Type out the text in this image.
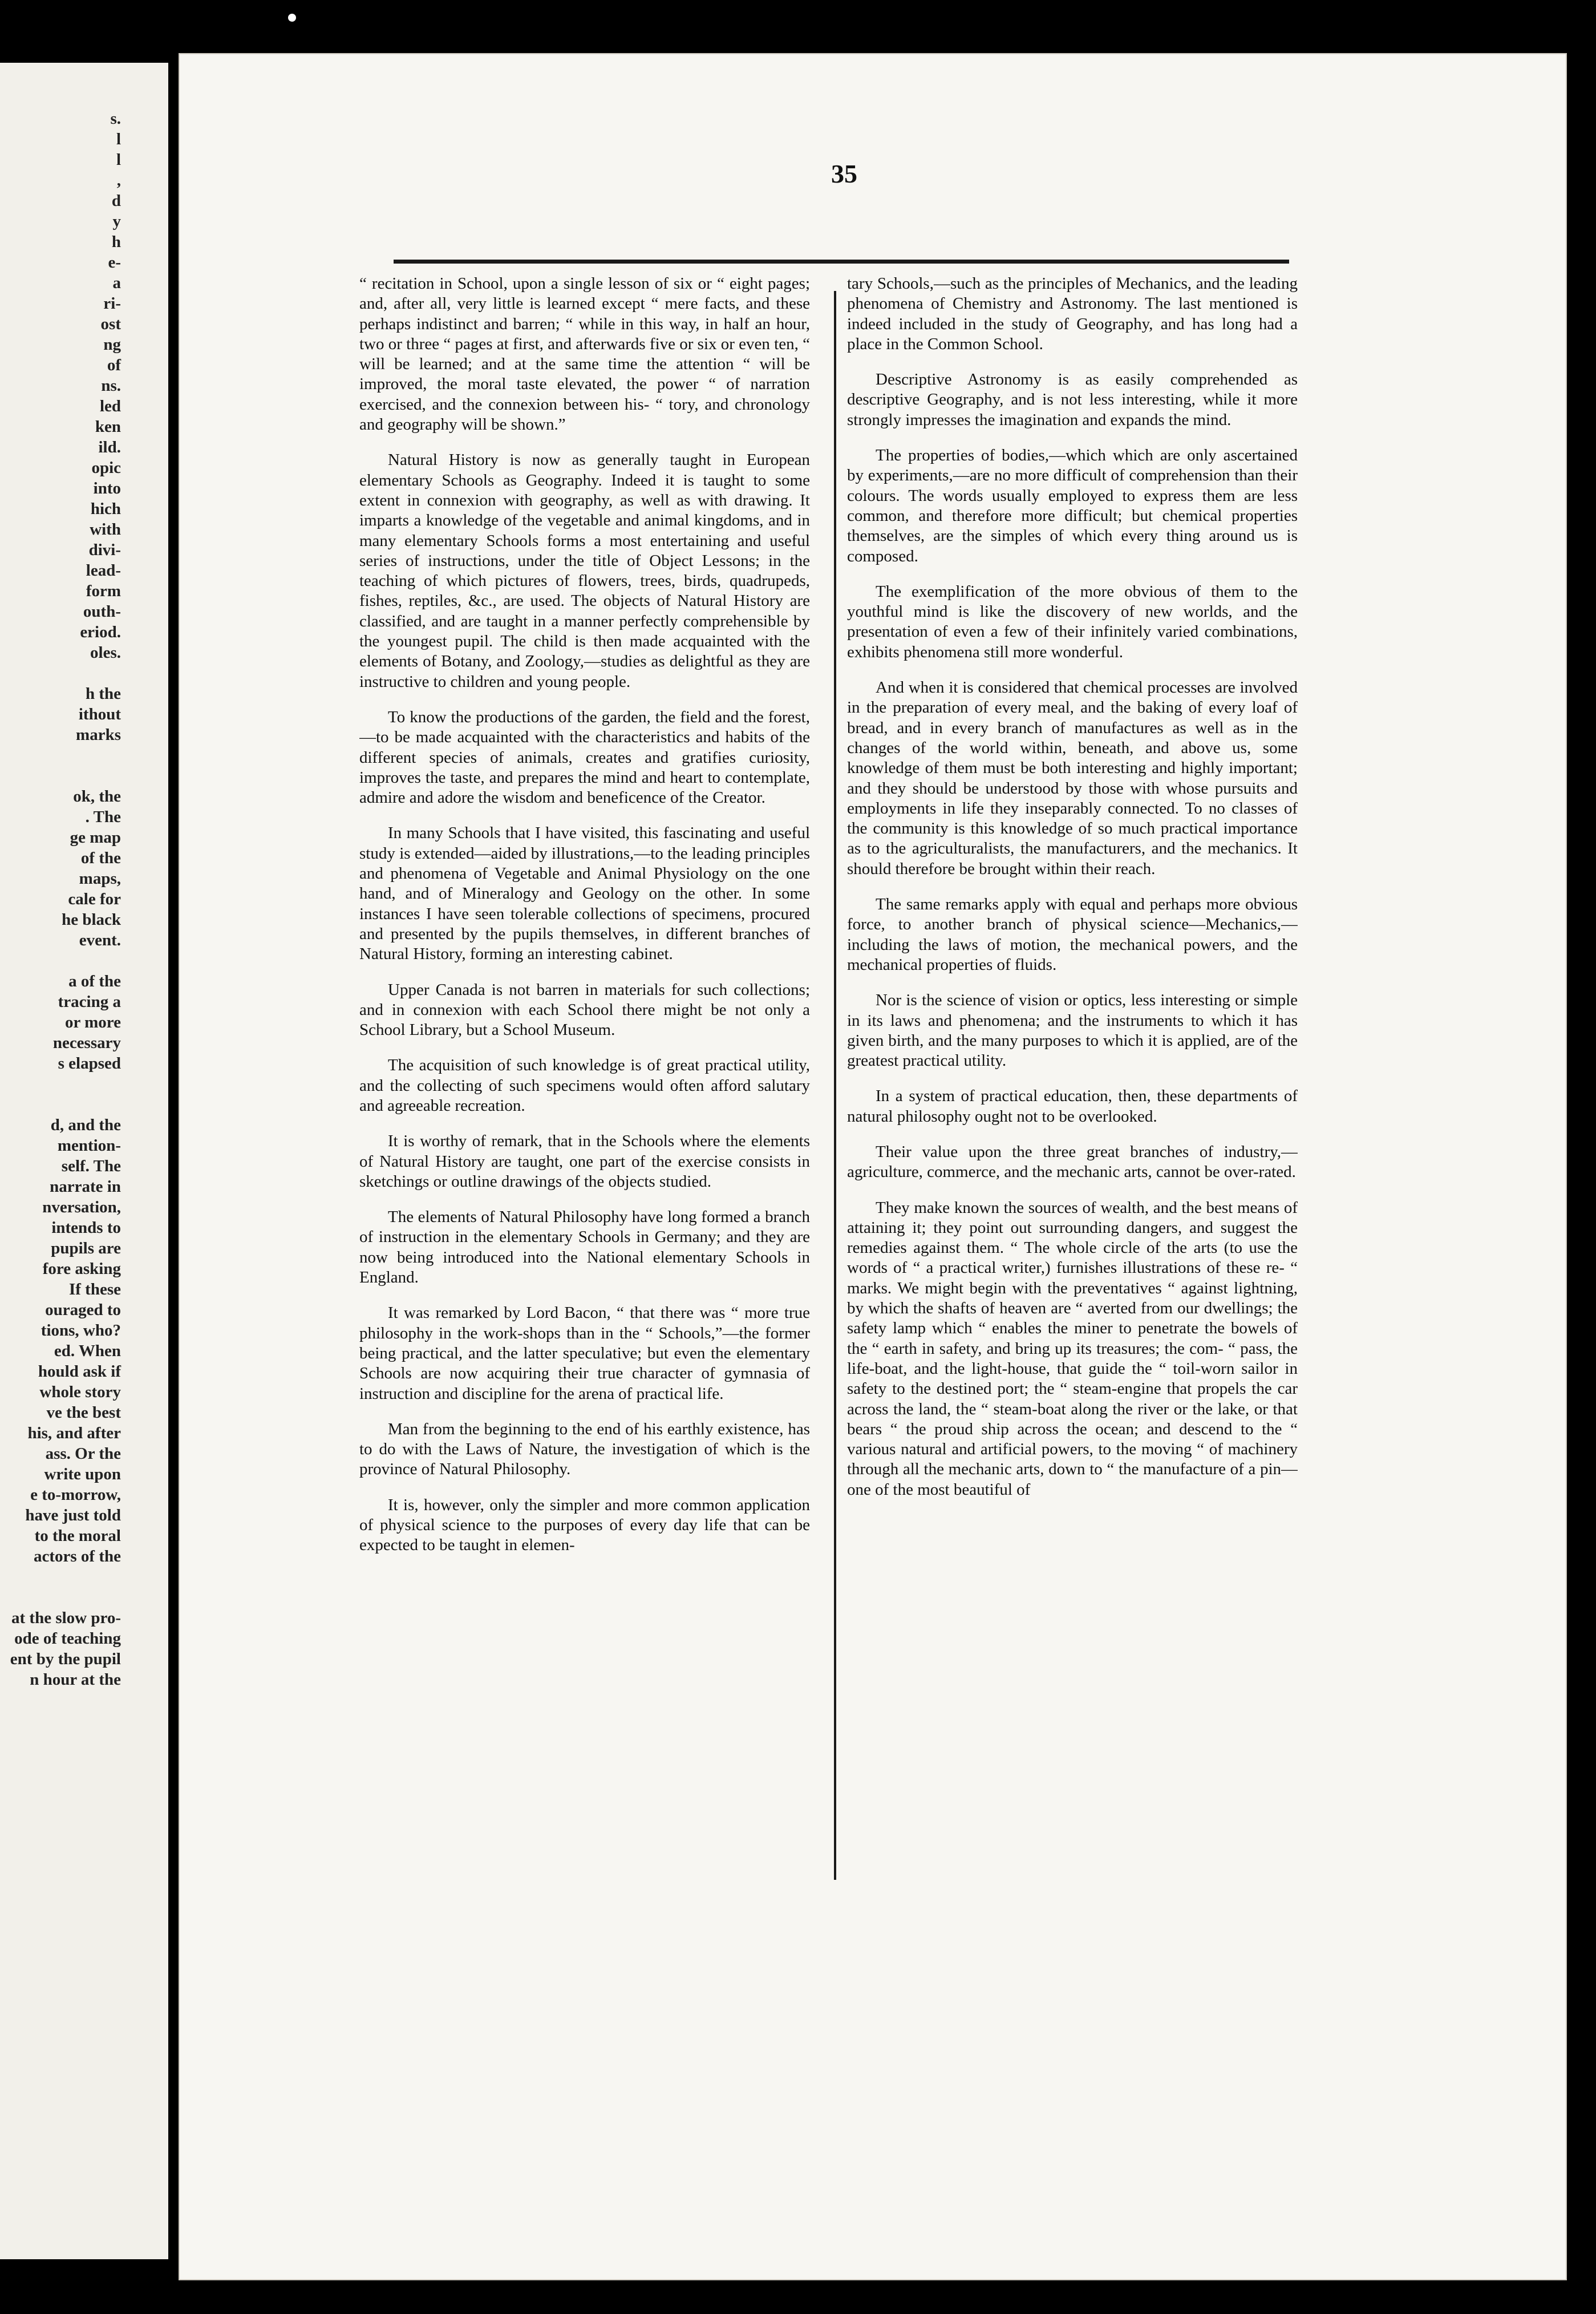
s.
l
l
,
d
y
h
e-
a
ri-
ost
ng
of
ns.
led
ken
ild.
opic
into
hich
with
divi-
lead-
form
outh-
eriod.
oles.
h the
ithout
marks
ok, the
. The
ge map
of the
maps,
cale for
he black
event.
a of the
tracing a
or more
necessary
s elapsed
d, and the
mention-
self. The
narrate in
nversation,
intends to
pupils are
fore asking
If these
ouraged to
tions, who?
ed. When
hould ask if
whole story
ve the best
his, and after
ass. Or the
write upon
e to-morrow,
have just told
to the moral
actors of the
at the slow pro-
ode of teaching
ent by the pupil
n hour at the
35

“ recitation in School, upon a single lesson of six or “ eight pages; and, after all, very little is learned except “ mere facts, and these perhaps indistinct and barren; “ while in this way, in half an hour, two or three “ pages at first, and afterwards five or six or even ten, “ will be learned; and at the same time the attention “ will be improved, the moral taste elevated, the power “ of narration exercised, and the connexion between his- “ tory, and chronology and geography will be shown.”

Natural History is now as generally taught in European elementary Schools as Geography. Indeed it is taught to some extent in connexion with geography, as well as with drawing. It imparts a knowledge of the vegetable and animal kingdoms, and in many elementary Schools forms a most entertaining and useful series of instructions, under the title of Object Lessons; in the teaching of which pictures of flowers, trees, birds, quadrupeds, fishes, reptiles, &c., are used. The objects of Natural History are classified, and are taught in a manner perfectly comprehensible by the youngest pupil. The child is then made acquainted with the elements of Botany, and Zoology,—studies as delightful as they are instructive to children and young people.

To know the productions of the garden, the field and the forest,—to be made acquainted with the characteristics and habits of the different species of animals, creates and gratifies curiosity, improves the taste, and prepares the mind and heart to contemplate, admire and adore the wisdom and beneficence of the Creator.

In many Schools that I have visited, this fascinating and useful study is extended—aided by illustrations,—to the leading principles and phenomena of Vegetable and Animal Physiology on the one hand, and of Mineralogy and Geology on the other. In some instances I have seen tolerable collections of specimens, procured and presented by the pupils themselves, in different branches of Natural History, forming an interesting cabinet.

Upper Canada is not barren in materials for such collections; and in connexion with each School there might be not only a School Library, but a School Museum.

The acquisition of such knowledge is of great practical utility, and the collecting of such specimens would often afford salutary and agreeable recreation.

It is worthy of remark, that in the Schools where the elements of Natural History are taught, one part of the exercise consists in sketchings or outline drawings of the objects studied.

The elements of Natural Philosophy have long formed a branch of instruction in the elementary Schools in Germany; and they are now being introduced into the National elementary Schools in England.

It was remarked by Lord Bacon, “ that there was “ more true philosophy in the work-shops than in the “ Schools,”—the former being practical, and the latter speculative; but even the elementary Schools are now acquiring their true character of gymnasia of instruction and discipline for the arena of practical life.

Man from the beginning to the end of his earthly existence, has to do with the Laws of Nature, the investigation of which is the province of Natural Philosophy.

It is, however, only the simpler and more common application of physical science to the purposes of every day life that can be expected to be taught in elemen-

tary Schools,—such as the principles of Mechanics, and the leading phenomena of Chemistry and Astronomy. The last mentioned is indeed included in the study of Geography, and has long had a place in the Common School.

Descriptive Astronomy is as easily comprehended as descriptive Geography, and is not less interesting, while it more strongly impresses the imagination and expands the mind.

The properties of bodies,—which which are only ascertained by experiments,—are no more difficult of comprehension than their colours. The words usually employed to express them are less common, and therefore more difficult; but chemical properties themselves, are the simples of which every thing around us is composed.

The exemplification of the more obvious of them to the youthful mind is like the discovery of new worlds, and the presentation of even a few of their infinitely varied combinations, exhibits phenomena still more wonderful.

And when it is considered that chemical processes are involved in the preparation of every meal, and the baking of every loaf of bread, and in every branch of manufactures as well as in the changes of the world within, beneath, and above us, some knowledge of them must be both interesting and highly important; and they should be understood by those with whose pursuits and employments in life they inseparably connected. To no classes of the community is this knowledge of so much practical importance as to the agriculturalists, the manufacturers, and the mechanics. It should therefore be brought within their reach.

The same remarks apply with equal and perhaps more obvious force, to another branch of physical science—Mechanics,—including the laws of motion, the mechanical powers, and the mechanical properties of fluids.

Nor is the science of vision or optics, less interesting or simple in its laws and phenomena; and the instruments to which it has given birth, and the many purposes to which it is applied, are of the greatest practical utility.

In a system of practical education, then, these departments of natural philosophy ought not to be overlooked.

Their value upon the three great branches of industry,—agriculture, commerce, and the mechanic arts, cannot be over-rated.

They make known the sources of wealth, and the best means of attaining it; they point out surrounding dangers, and suggest the remedies against them. “ The whole circle of the arts (to use the words of “ a practical writer,) furnishes illustrations of these re- “ marks. We might begin with the preventatives “ against lightning, by which the shafts of heaven are “ averted from our dwellings; the safety lamp which “ enables the miner to penetrate the bowels of the “ earth in safety, and bring up its treasures; the com- “ pass, the life-boat, and the light-house, that guide the “ toil-worn sailor in safety to the destined port; the “ steam-engine that propels the car across the land, the “ steam-boat along the river or the lake, or that bears “ the proud ship across the ocean; and descend to the “ various natural and artificial powers, to the moving “ of machinery through all the mechanic arts, down to “ the manufacture of a pin—one of the most beautiful of
